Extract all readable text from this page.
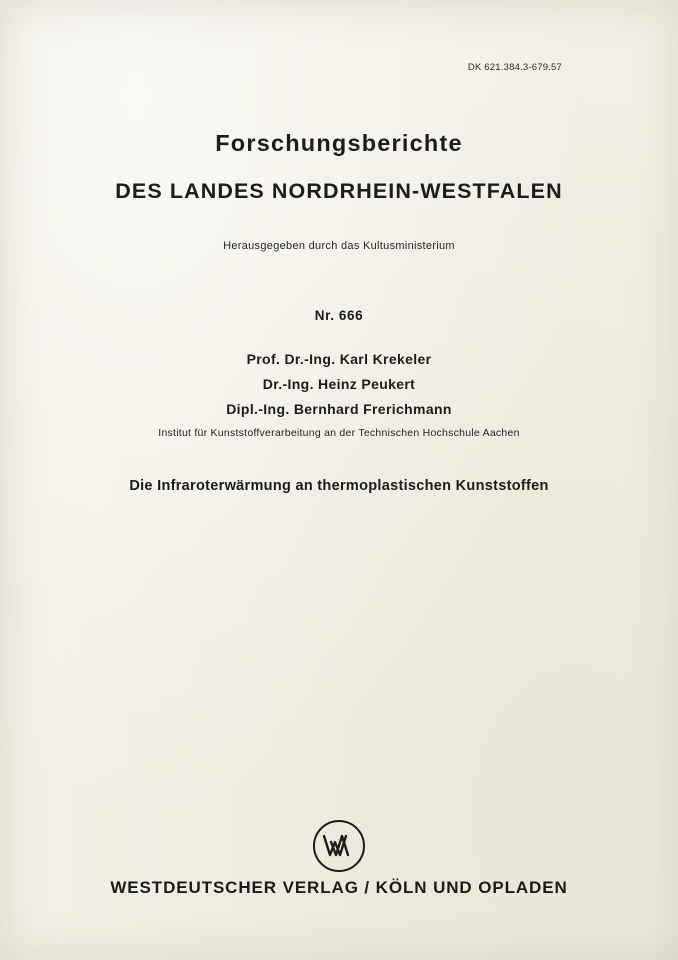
DK 621.384.3-679.57
Forschungsberichte
DES LANDES NORDRHEIN-WESTFALEN
Herausgegeben durch das Kultusministerium
Nr. 666
Prof. Dr.-Ing. Karl Krekeler
Dr.-Ing. Heinz Peukert
Dipl.-Ing. Bernhard Frerichmann
Institut für Kunststoffverarbeitung an der Technischen Hochschule Aachen
Die Infraroterwärmung an thermoplastischen Kunststoffen
WESTDEUTSCHER VERLAG / KÖLN UND OPLADEN
